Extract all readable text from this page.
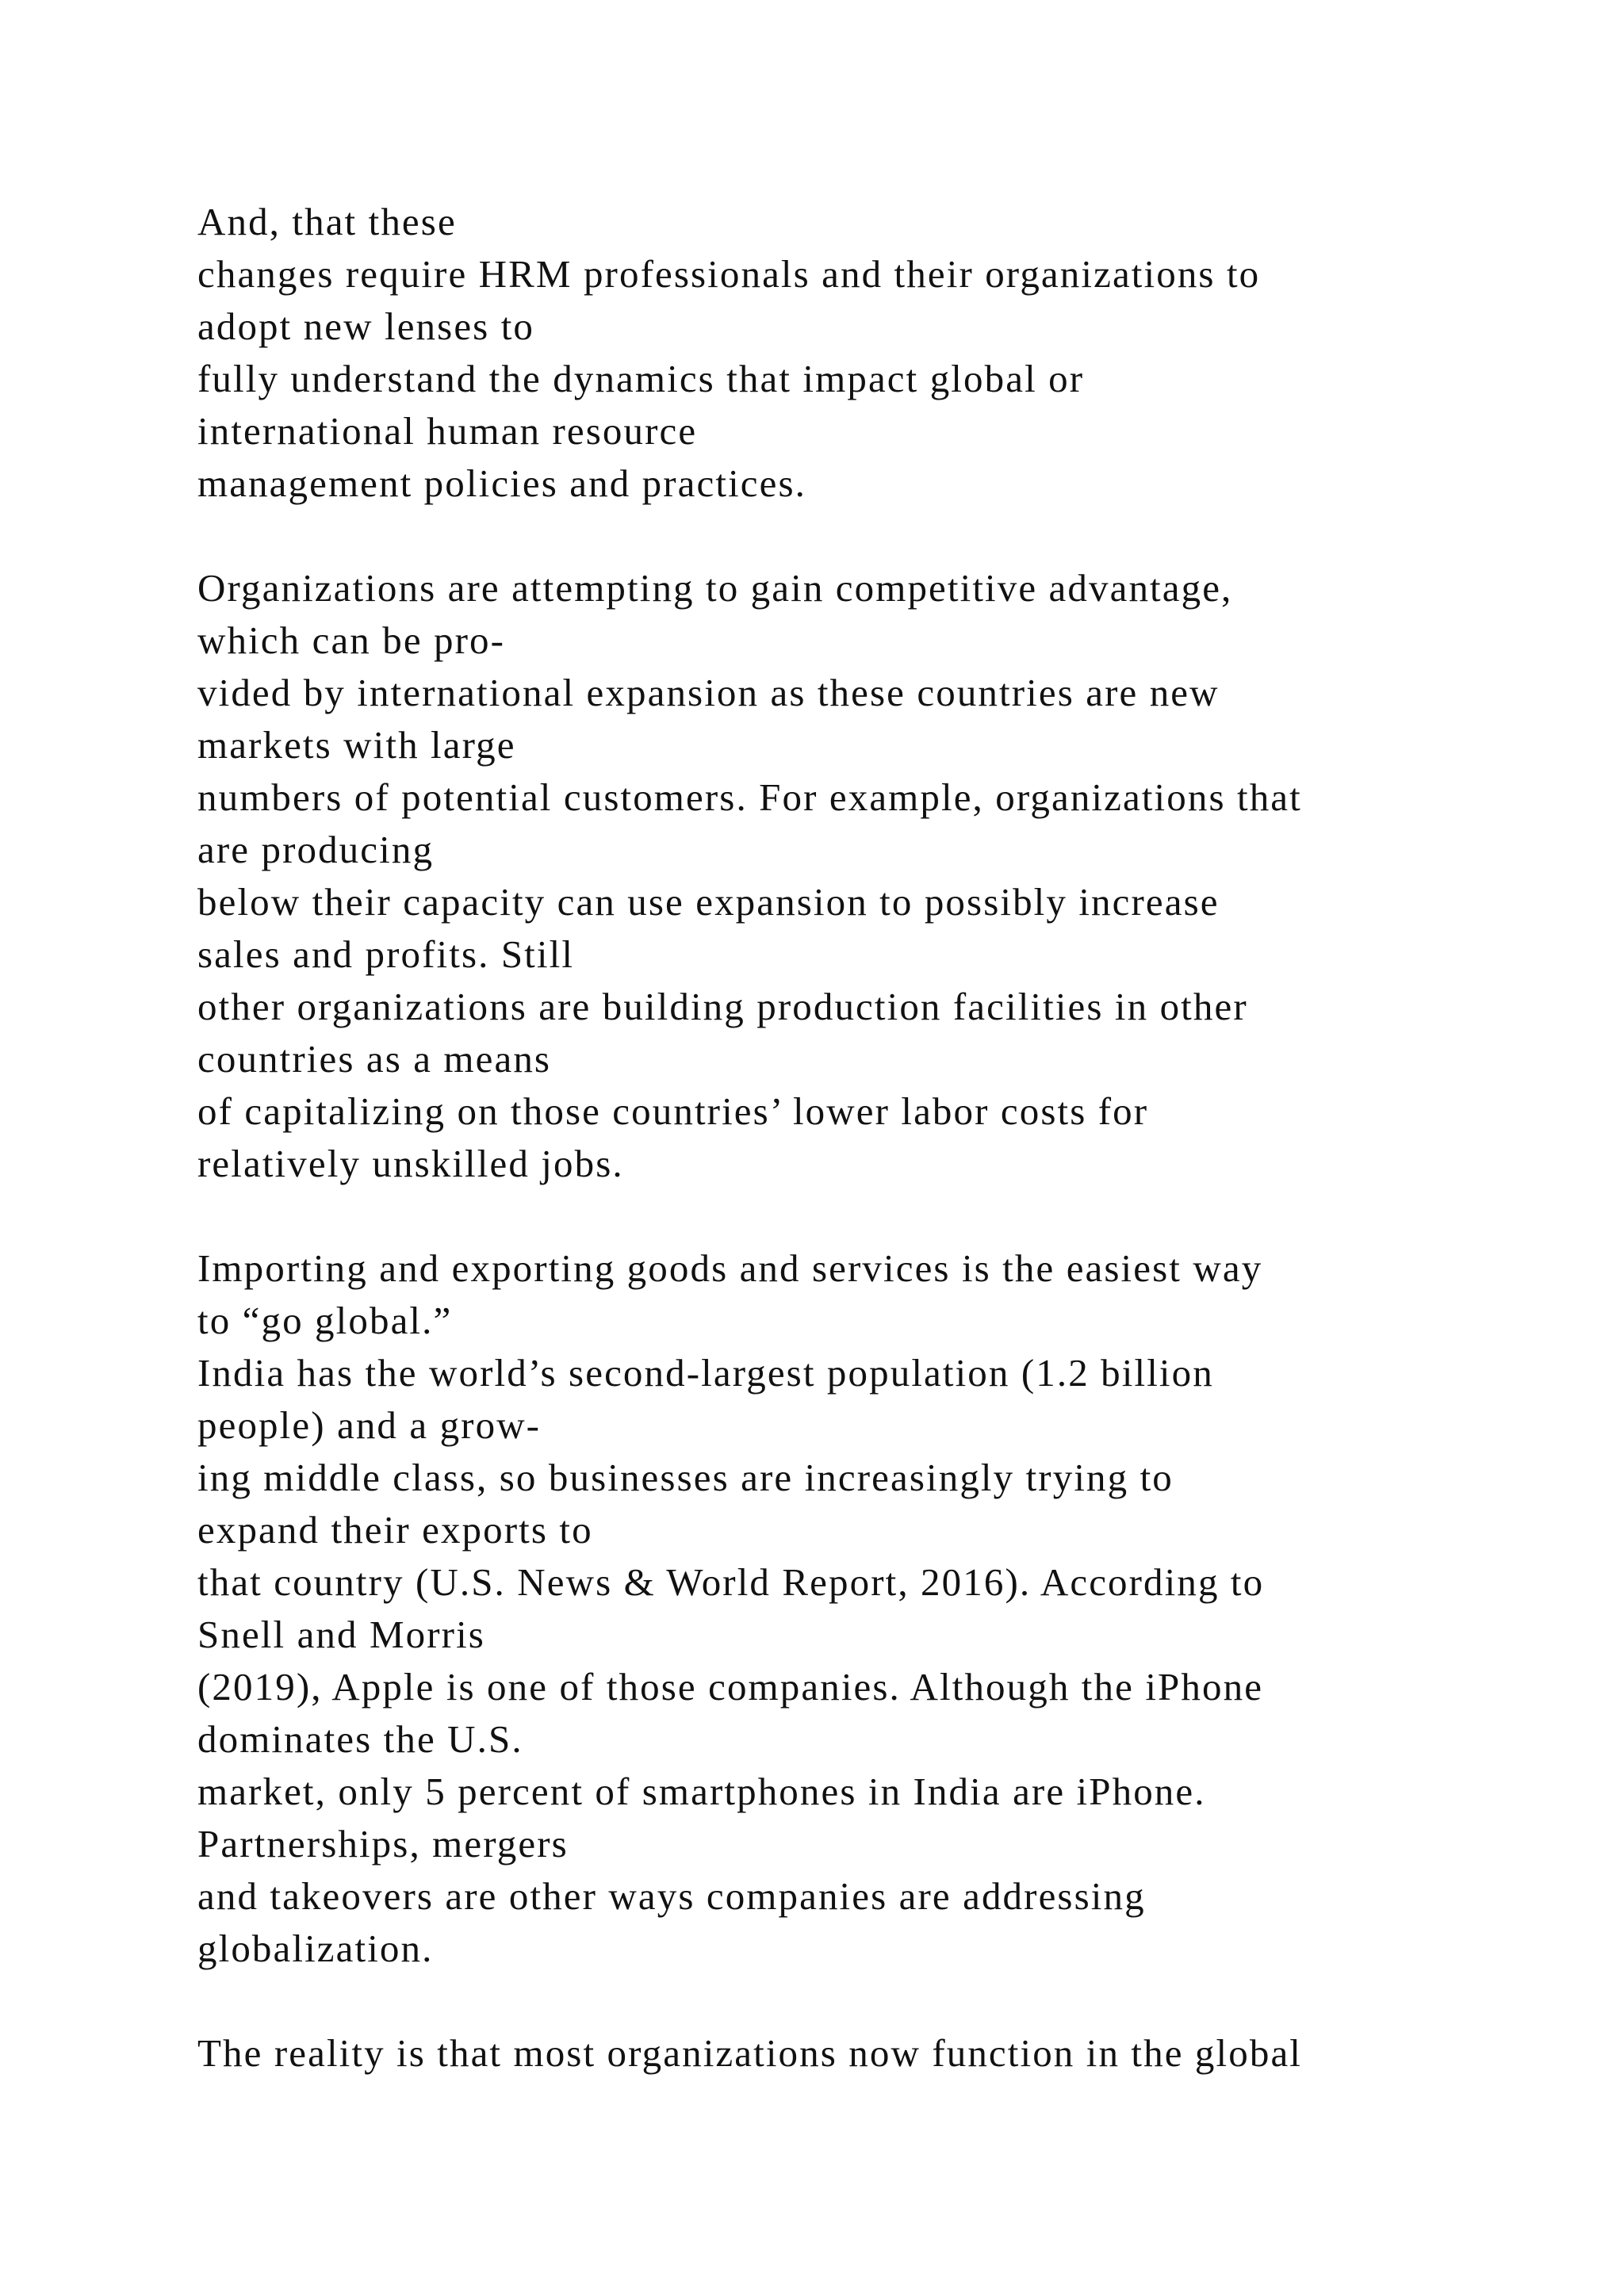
And, that these
changes require HRM professionals and their organizations to
adopt new lenses to
fully understand the dynamics that impact global or
international human resource
management policies and practices.
Organizations are attempting to gain competitive advantage,
which can be pro-
vided by international expansion as these countries are new
markets with large
numbers of potential customers. For example, organizations that
are producing
below their capacity can use expansion to possibly increase
sales and profits. Still
other organizations are building production facilities in other
countries as a means
of capitalizing on those countries’ lower labor costs for
relatively unskilled jobs.
Importing and exporting goods and services is the easiest way
to “go global.”
India has the world’s second-largest population (1.2 billion
people) and a grow-
ing middle class, so businesses are increasingly trying to
expand their exports to
that country (U.S. News & World Report, 2016). According to
Snell and Morris
(2019), Apple is one of those companies. Although the iPhone
dominates the U.S.
market, only 5 percent of smartphones in India are iPhone.
Partnerships, mergers
and takeovers are other ways companies are addressing
globalization.
The reality is that most organizations now function in the global
